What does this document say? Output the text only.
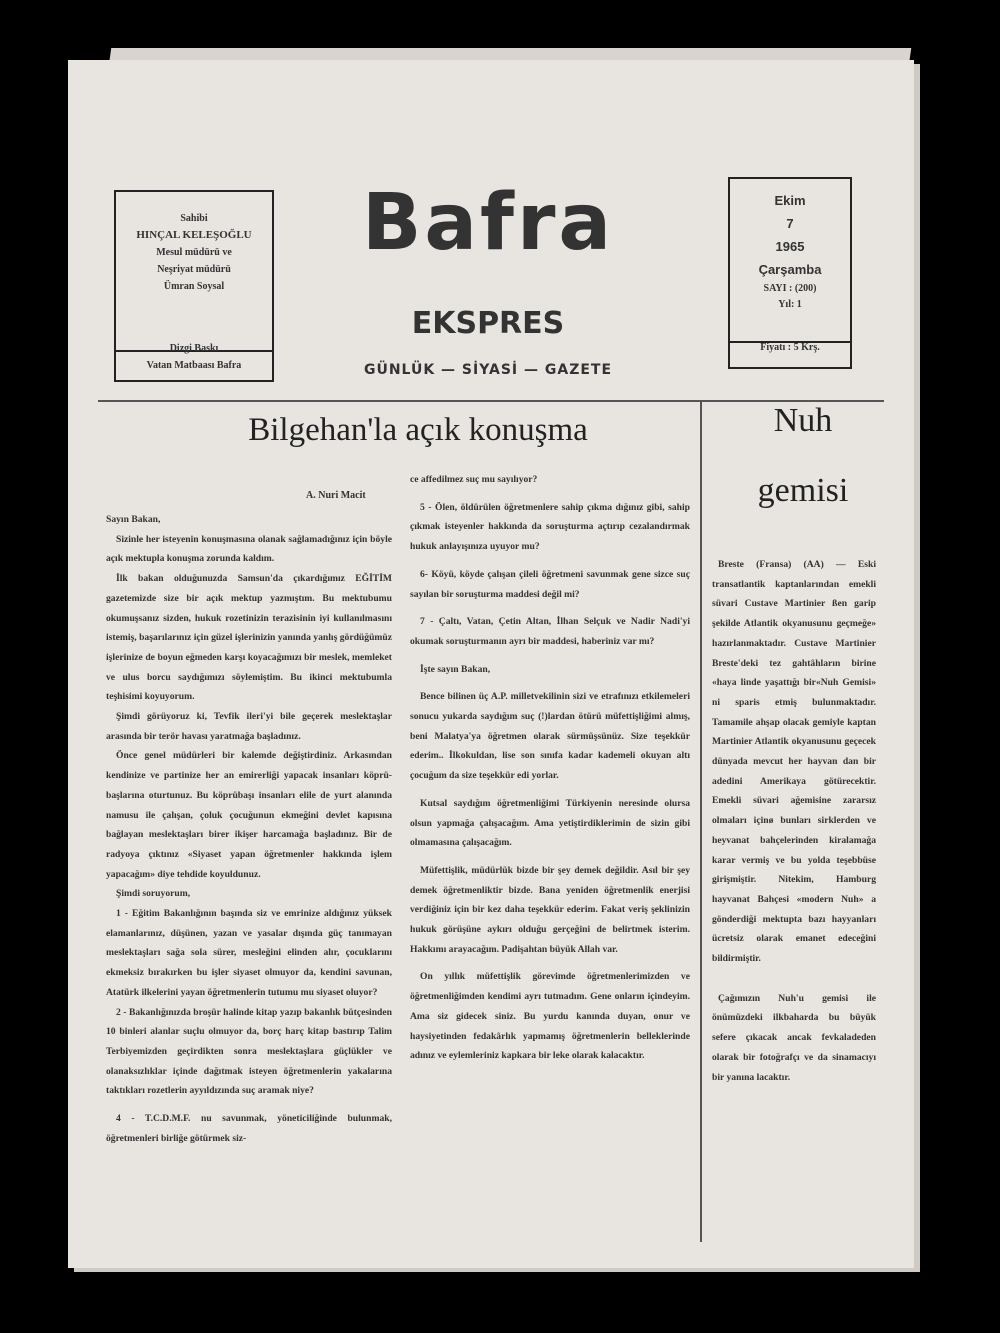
Sahibi
HINÇAL KELEŞOĞLU
Mesul müdürü ve
Neşriyat müdürü
Ümran Soysal
Dizgi Baskı
Vatan Matbaası Bafra
Bafra
EKSPRES
GÜNLÜK — SİYASİ — GAZETE
Ekim
7
1965
Çarşamba
SAYI : (200)
Yıl: 1
Fiyatı : 5 Krş.
Bilgehan'la açık konuşma
A. Nuri Macit
Nuh
gemisi

Sayın Bakan,

Sizinle her isteyenin konuşmasına olanak sağlamadığınız için böyle açık mektupla konuşma zorunda kaldım.

İlk bakan olduğunuzda Samsun'da çıkardığımız EĞİTİM gazetemizde size bir açık mektup yazmıştım. Bu mektubumu okumuşsanız sizden, hukuk rozetinizin terazisinin iyi kullanılmasını istemiş, başarılarınız için güzel işlerinizin yanında yanlış gördüğümüz işlerinize de boyun eğmeden karşı koyacağımızı bir meslek, memleket ve ulus borcu saydığımızı söylemiştim. Bu ikinci mektubumla teşhisimi koyuyorum.

Şimdi görüyoruz ki, Tevfik ileri'yi bile geçerek meslektaşlar arasında bir terör havası yaratmağa başladınız.

Önce genel müdürleri bir kalemde değiştirdiniz. Arkasından kendinize ve partinize her an emirerliği yapacak insanları köprü-başlarına oturtunuz. Bu köprübaşı insanları elile de yurt alanında namusu ile çalışan, çoluk çocuğunun ekmeğini devlet kapısına bağlayan meslektaşları birer ikişer harcamağa başladınız. Bir de radyoya çıktınız «Siyaset yapan öğretmenler hakkında işlem yapacağım» diye tehdide koyuldunuz.

Şimdi soruyorum,

1 - Eğitim Bakanlığının başında siz ve emrinize aldığınız yüksek elamanlarınız, düşünen, yazan ve yasalar dışında güç tanımayan meslektaşları sağa sola sürer, mesleğini elinden alır, çocuklarını ekmeksiz bırakırken bu işler siyaset olmuyor da, kendini savunan, Atatürk ilkelerini yayan öğretmenlerin tutumu mu siyaset oluyor?

2 - Bakanlığınızda broşür halinde kitap yazıp bakanlık bütçesinden 10 binleri alanlar suçlu olmuyor da, borç harç kitap bastırıp Talim Terbiyemizden geçirdikten sonra meslektaşlara güçlükler ve olanaksızlıklar içinde dağıtmak isteyen öğretmenlerin yakalarına taktıkları rozetlerin ayyıldızında suç aramak niye?

4 - T.C.D.M.F. nu savunmak, yöneticiliğinde bulunmak, öğretmenleri birliğe götürmek siz-

ce affedilmez suç mu sayılıyor?

5 - Ölen, öldürülen öğretmenlere sahip çıkma dığınız gibi, sahip çıkmak isteyenler hakkında da soruşturma açtırıp cezalandırmak hukuk anlayışınıza uyuyor mu?

6- Köyü, köyde çalışan çileli öğretmeni savunmak gene sizce suç sayılan bir soruşturma maddesi değil mi?

7 - Çaltı, Vatan, Çetin Altan, İlhan Selçuk ve Nadir Nadi'yi okumak soruşturmanın ayrı bir maddesi, haberiniz var mı?

İşte sayın Bakan,

Bence bilinen üç A.P. milletvekilinin sizi ve etrafınızı etkilemeleri sonucu yukarda saydığım suç (!)lardan ötürü müfettişliğimi almış, beni Malatya'ya öğretmen olarak sürmüşsünüz. Size teşekkür ederim.. İlkokuldan, lise son sınıfa kadar kademeli okuyan altı çocuğum da size teşekkür edi yorlar.

Kutsal saydığım öğretmenliğimi Türkiyenin neresinde olursa olsun yapmağa çalışacağım. Ama yetiştirdiklerimin de sizin gibi olmamasına çalışacağım.

Müfettişlik, müdürlük bizde bir şey demek değildir. Asıl bir şey demek öğretmenliktir bizde. Bana yeniden öğretmenlik enerjisi verdiğiniz için bir kez daha teşekkür ederim. Fakat veriş şeklinizin hukuk görüşüne aykırı olduğu gerçeğini de belirtmek isterim. Hakkımı arayacağım. Padişahtan büyük Allah var.

On yıllık müfettişlik görevimde öğretmenlerimizden ve öğretmenliğimden kendimi ayrı tutmadım. Gene onların içindeyim. Ama siz gidecek siniz. Bu yurdu kanında duyan, onur ve haysiyetinden fedakârlık yapmamış öğretmenlerin belleklerinde adınız ve eylemleriniz kapkara bir leke olarak kalacaktır.

Breste (Fransa) (AA) — Eski transatlantik kaptanlarından emekli süvari Custave Martinier ßen garip şekilde Atlantik okyanusunu geçmeğe» hazırlanmaktadır. Custave Martinier Breste'deki tez gahtâhların birine «haya linde yaşattığı bir«Nuh Gemisi» ni sparis etmiş bulunmaktadır. Tamamile ahşap olacak gemiyle kaptan Martinier Atlantik okyanusunu geçecek dünyada mevcut her hayvan dan bir adedini Amerikaya götürecektir. Emekli süvari ağemisine zararsız olmaları içinø bunları sirklerden ve heyvanat bahçelerinden kiralamağa karar vermiş ve bu yolda teşebbüse girişmiştir. Nitekim, Hamburg hayvanat Bahçesi «modern Nuh» a gönderdiği mektupta bazı hayyanları ücretsiz olarak emanet edeceğini bildirmiştir.

Çağımızın Nuh'u gemisi ile önümüzdeki ilkbaharda bu büyük sefere çıkacak ancak fevkaladeden olarak bir fotoğrafçı ve da sinamacıyı bir yanına lacaktır.
